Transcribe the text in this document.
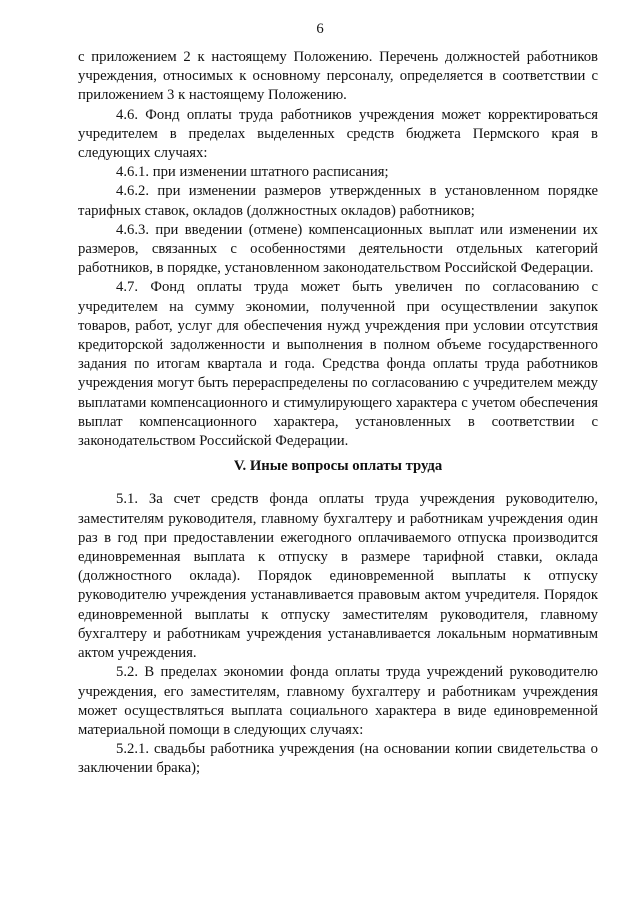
6

с приложением 2 к настоящему Положению. Перечень должностей работников учреждения, относимых к основному персоналу, определяется в соответствии с приложением 3 к настоящему Положению.

4.6. Фонд оплаты труда работников учреждения может корректироваться учредителем в пределах выделенных средств бюджета Пермского края в следующих случаях:

4.6.1. при изменении штатного расписания;

4.6.2. при изменении размеров утвержденных в установленном порядке тарифных ставок, окладов (должностных окладов) работников;

4.6.3. при введении (отмене) компенсационных выплат или изменении их размеров, связанных с особенностями деятельности отдельных категорий работников, в порядке, установленном законодательством Российской Федерации.

4.7. Фонд оплаты труда может быть увеличен по согласованию с учредителем на сумму экономии, полученной при осуществлении закупок товаров, работ, услуг для обеспечения нужд учреждения при условии отсутствия кредиторской задолженности и выполнения в полном объеме государственного задания по итогам квартала и года. Средства фонда оплаты труда работников учреждения могут быть перераспределены по согласованию с учредителем между выплатами компенсационного и стимулирующего характера с учетом обеспечения выплат компенсационного характера, установленных в соответствии с законодательством Российской Федерации.

V. Иные вопросы оплаты труда

5.1. За счет средств фонда оплаты труда учреждения руководителю, заместителям руководителя, главному бухгалтеру и работникам учреждения один раз в год при предоставлении ежегодного оплачиваемого отпуска производится единовременная выплата к отпуску в размере тарифной ставки, оклада (должностного оклада). Порядок единовременной выплаты к отпуску руководителю учреждения устанавливается правовым актом учредителя. Порядок единовременной выплаты к отпуску заместителям руководителя, главному бухгалтеру и работникам учреждения устанавливается локальным нормативным актом учреждения.

5.2. В пределах экономии фонда оплаты труда учреждений руководителю учреждения, его заместителям, главному бухгалтеру и работникам учреждения может осуществляться выплата социального характера в виде единовременной материальной помощи в следующих случаях:

5.2.1. свадьбы работника учреждения (на основании копии свидетельства о заключении брака);
